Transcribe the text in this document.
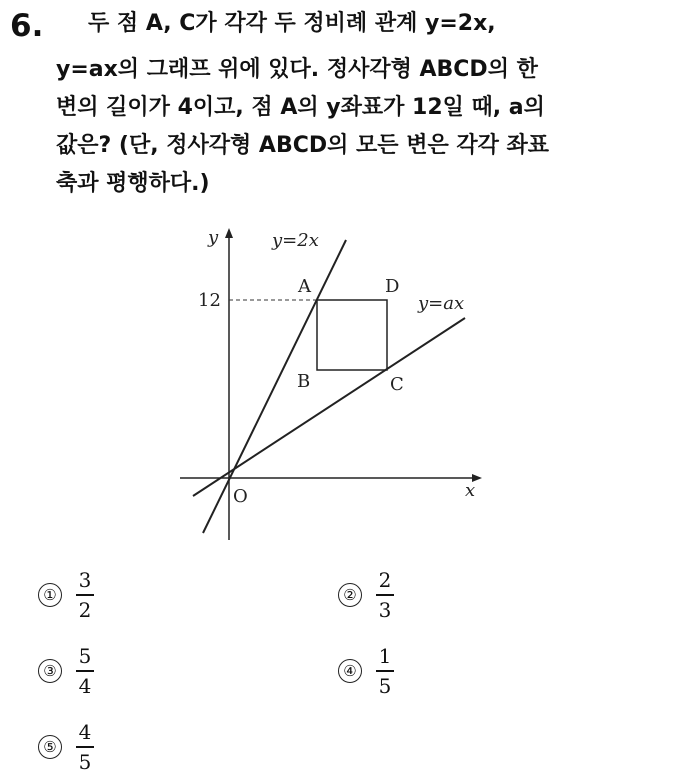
6. 두 점 A, C가 각각 두 정비례 관계 y=2x,
y=ax의 그래프 위에 있다. 정사각형 ABCD의 한
변의 길이가 4이고, 점 A의 y좌표가 12일 때, a의
값은? (단, 정사각형 ABCD의 모든 변은 각각 좌표
축과 평행하다.)
y
x
O
12
y=2x
y=ax
A	D
B	C
① $\frac{3}{2}$	② $\frac{2}{3}$
③ $\frac{5}{4}$	④ $\frac{1}{5}$
⑤ $\frac{4}{5}$
